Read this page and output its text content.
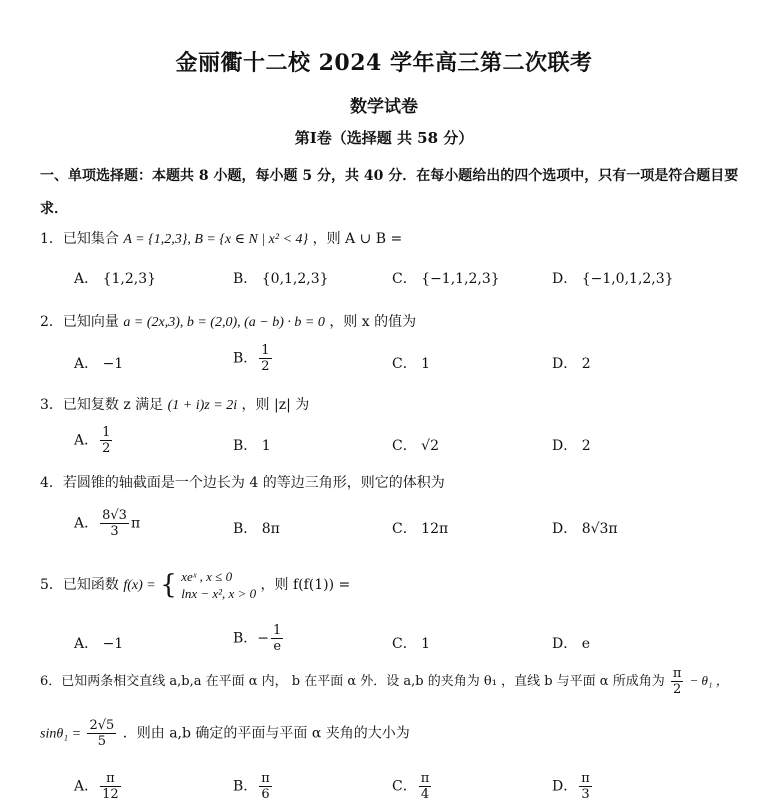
金丽衢十二校 2024 学年高三第二次联考
数学试卷
第Ⅰ卷（选择题 共 58 分）
一、单项选择题：本题共 8 小题，每小题 5 分，共 40 分．在每小题给出的四个选项中，只有一项是符合题目要求．
1．已知集合 A = {1,2,3}, B = {x ∈ N | x² < 4} ，则 A ∪ B =
A． {1,2,3}	B． {0,1,2,3}	C． {−1,1,2,3}	D． {−1,0,1,2,3}
2．已知向量 a = (2x,3), b = (2,0), (a − b) · b = 0 ，则 x 的值为
A． −1	B． $\frac{1}{2}$	C． 1	D． 2
3．已知复数 z 满足 (1 + i)z = 2i ，则 |z| 为
A． $\frac{1}{2}$	B． 1	C． √2	D． 2
4．若圆锥的轴截面是一个边长为 4 的等边三角形，则它的体积为
A． $\frac{8√3}{3}$ π	B． 8π	C． 12π	D． 8√3π
5．已知函数 f(x) = { xeˣ , x ≤ 0
lnx − x², x > 0
，则 f(f(1)) =
A． −1	B．− $\frac{1}{e}$	C． 1	D． e
6．已知两条相交直线 a,b,a 在平面 α 内， b 在平面 α 外．设 a,b 的夹角为 θ₁ ，直线 b 与平面 α 所成角为 $\frac{\pi}{2} - \theta_1$ ，
$\sin\theta_1 = \frac{2√5}{5}$ ．则由 a,b 确定的平面与平面 α 夹角的大小为
A． $\frac{\pi}{12}$	B． $\frac{\pi}{6}$	C． $\frac{\pi}{4}$	D． $\frac{\pi}{3}$
